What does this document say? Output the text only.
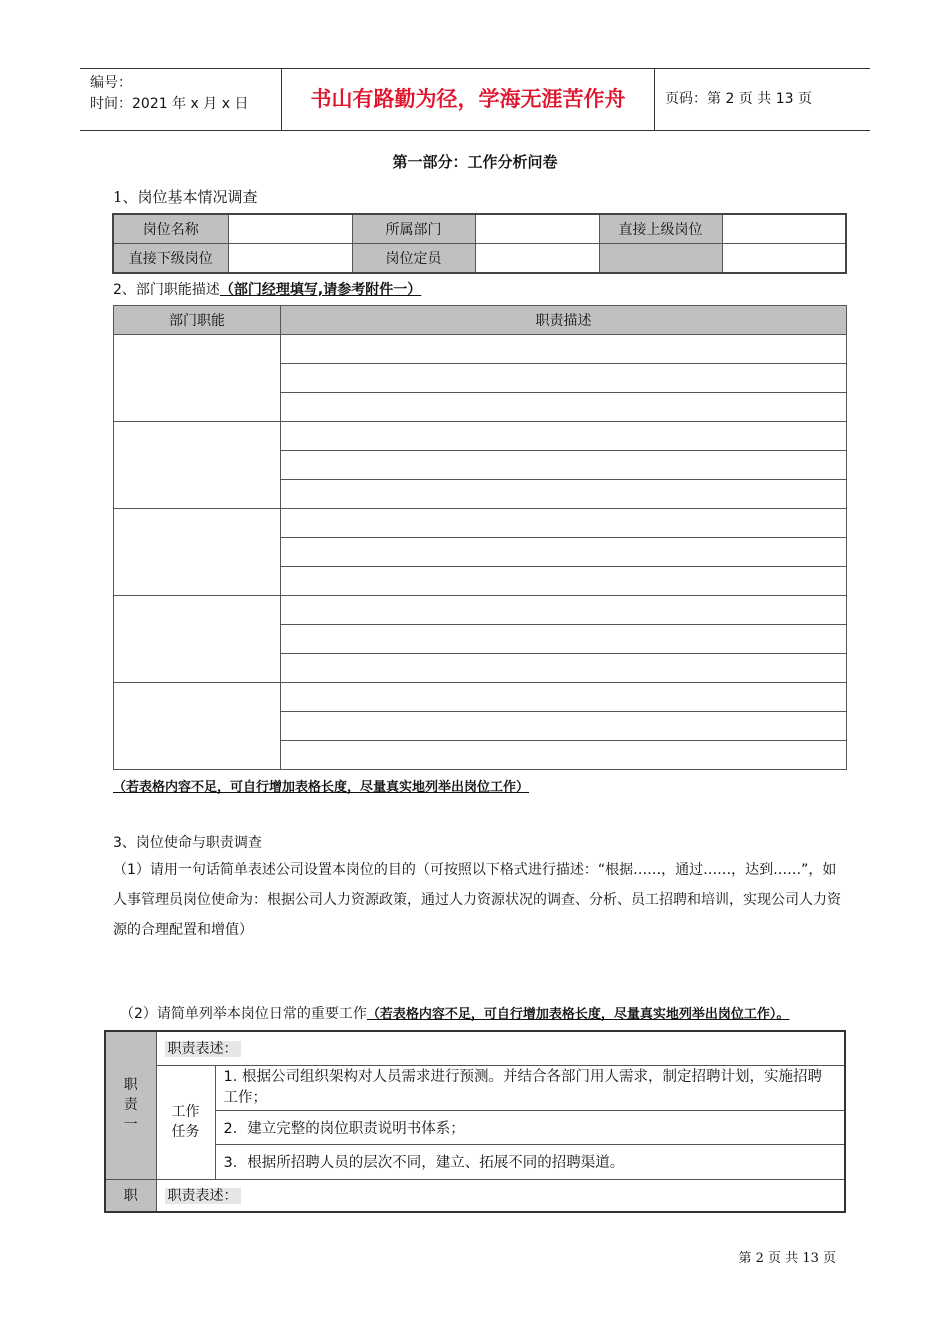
编号：
时间：2021 年 x 月 x 日	书山有路勤为径，学海无涯苦作舟	页码：第 2 页 共 13 页
第一部分：工作分析问卷
1、岗位基本情况调查
岗位名称		所属部门		直接上级岗位	
直接下级岗位		岗位定员			
2、部门职能描述（部门经理填写,请参考附件一）
部门职能	职责描述

（若表格内容不足，可自行增加表格长度，尽量真实地列举出岗位工作）
3、岗位使命与职责调查
（1）请用一句话简单表述公司设置本岗位的目的（可按照以下格式进行描述：“根据……，通过……，达到……”，如人事管理员岗位使命为：根据公司人力资源政策，通过人力资源状况的调查、分析、员工招聘和培训，实现公司人力资源的合理配置和增值）
（2）请简单列举本岗位日常的重要工作（若表格内容不足，可自行增加表格长度，尽量真实地列举出岗位工作）。
职责一	职责表述：	
	工作任务	1. 根据公司组织架构对人员需求进行预测。并结合各部门用人需求，制定招聘计划，实施招聘工作；
		2．建立完整的岗位职责说明书体系；
		3．根据所招聘人员的层次不同，建立、拓展不同的招聘渠道。
职	职责表述：	
第 2 页 共 13 页
